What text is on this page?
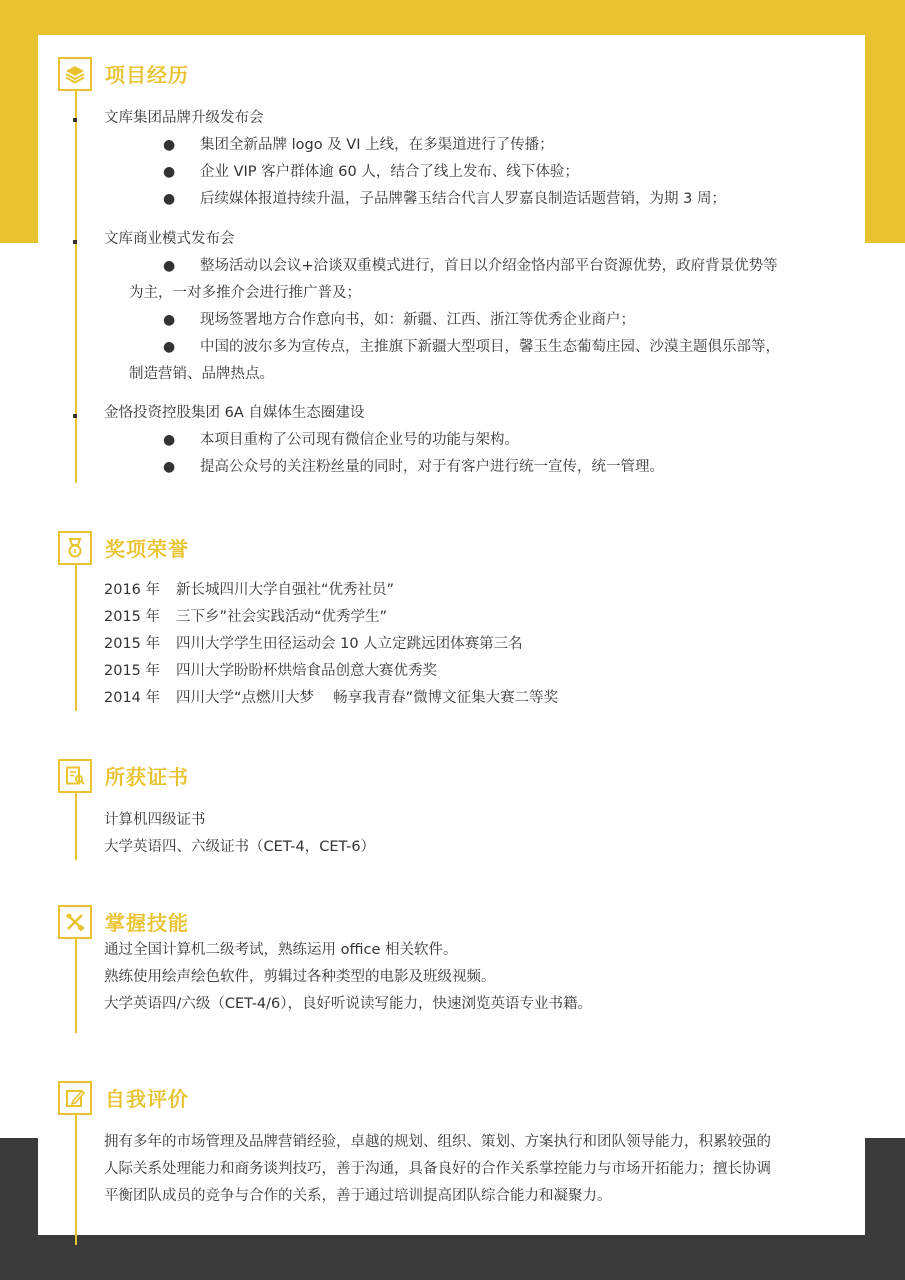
项目经历
文库集团品牌升级发布会
● 集团全新品牌 logo 及 VI 上线，在多渠道进行了传播；
● 企业 VIP 客户群体逾 60 人，结合了线上发布、线下体验；
● 后续媒体报道持续升温，子品牌馨玉结合代言人罗嘉良制造话题营销，为期 3 周；
文库商业模式发布会
● 整场活动以会议+洽谈双重模式进行，首日以介绍金恪内部平台资源优势，政府背景优势等
为主，一对多推介会进行推广普及；
● 现场签署地方合作意向书，如：新疆、江西、浙江等优秀企业商户；
● 中国的波尔多为宣传点，主推旗下新疆大型项目，馨玉生态葡萄庄园、沙漠主题俱乐部等，
制造营销、品牌热点。
金恪投资控股集团 6A 自媒体生态圈建设
● 本项目重构了公司现有微信企业号的功能与架构。
● 提高公众号的关注粉丝量的同时，对于有客户进行统一宣传，统一管理。
奖项荣誉
2016 年 新长城四川大学自强社“优秀社员”
2015 年 三下乡”社会实践活动“优秀学生”
2015 年 四川大学学生田径运动会 10 人立定跳远团体赛第三名
2015 年 四川大学盼盼杯烘焙食品创意大赛优秀奖
2014 年 四川大学“点燃川大梦　 畅享我青春”微博文征集大赛二等奖
所获证书
计算机四级证书
大学英语四、六级证书（CET-4，CET-6）
掌握技能
大学英语四/六级（CET-4/6），良好听说读写能力，快速浏览英语专业书籍。
熟练使用绘声绘色软件，剪辑过各种类型的电影及班级视频。
通过全国计算机二级考试，熟练运用 office 相关软件。
自我评价
拥有多年的市场管理及品牌营销经验，卓越的规划、组织、策划、方案执行和团队领导能力，积累较强的
人际关系处理能力和商务谈判技巧，善于沟通，具备良好的合作关系掌控能力与市场开拓能力；擅长协调
平衡团队成员的竞争与合作的关系，善于通过培训提高团队综合能力和凝聚力。
